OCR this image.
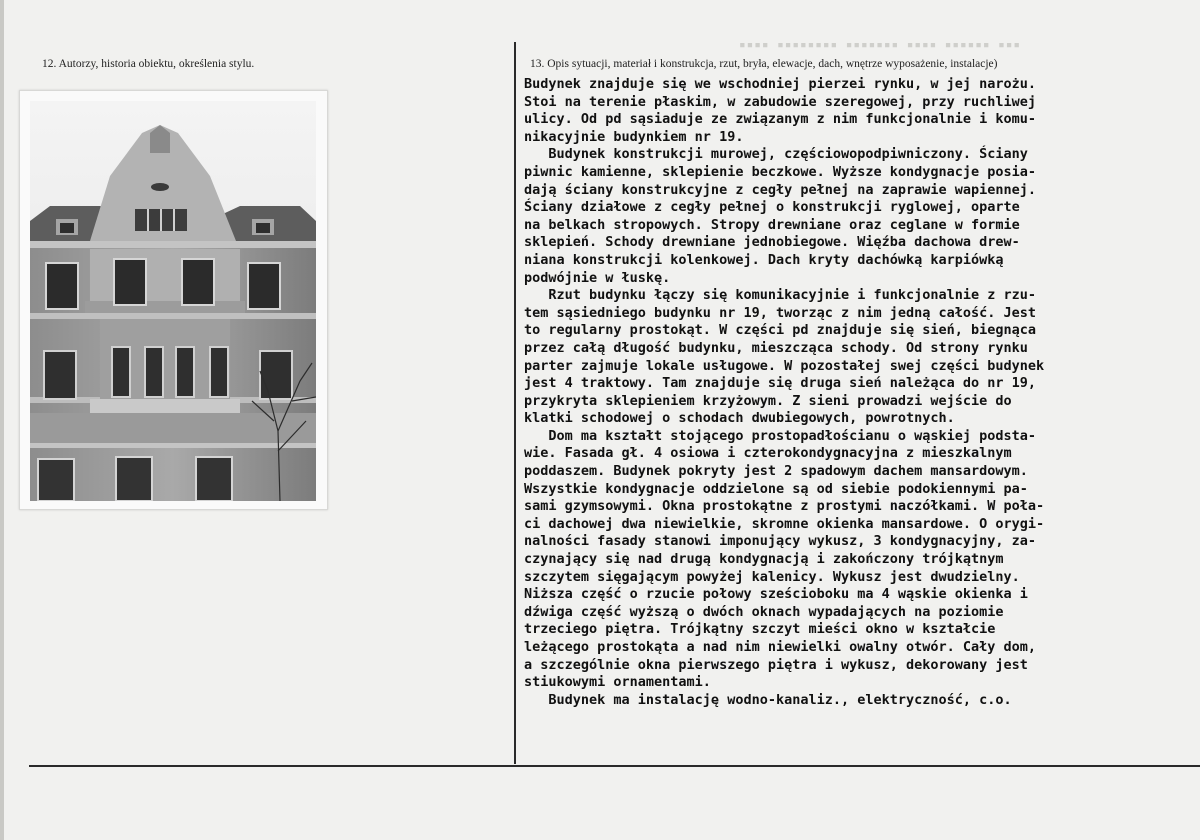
▪▪▪▪ ▪▪▪▪▪▪▪▪ ▪▪▪▪▪▪▪ ▪▪▪▪ ▪▪▪▪▪▪ ▪▪▪
12. Autorzy, historia obiektu, określenia stylu.	13. Opis sytuacji, materiał i konstrukcja, rzut, bryła, elewacje, dach, wnętrze wyposażenie, instalacje)

Budynek znajduje się we wschodniej pierzei rynku, w jej narożu.

Stoi na terenie płaskim, w zabudowie szeregowej, przy ruchliwej

ulicy. Od pd sąsiaduje ze związanym z nim funkcjonalnie i komu-

nikacyjnie budynkiem nr 19.

Budynek konstrukcji murowej, częściowopodpiwniczony. Ściany

piwnic kamienne, sklepienie beczkowe. Wyższe kondygnacje posia-

dają ściany konstrukcyjne z cegły pełnej na zaprawie wapiennej.

Ściany działowe z cegły pełnej o konstrukcji ryglowej, oparte

na belkach stropowych. Stropy drewniane oraz ceglane w formie

sklepień. Schody drewniane jednobiegowe. Więźba dachowa drew-

niana konstrukcji kolenkowej. Dach kryty dachówką karpiówką

podwójnie w łuskę.

Rzut budynku łączy się komunikacyjnie i funkcjonalnie z rzu-

tem sąsiedniego budynku nr 19, tworząc z nim jedną całość. Jest

to regularny prostokąt. W części pd znajduje się sień, biegnąca

przez całą długość budynku, mieszcząca schody. Od strony rynku

parter zajmuje lokale usługowe. W pozostałej swej części budynek

jest 4 traktowy. Tam znajduje się druga sień należąca do nr 19,

przykryta sklepieniem krzyżowym. Z sieni prowadzi wejście do

klatki schodowej o schodach dwubiegowych, powrotnych.

Dom ma kształt stojącego prostopadłościanu o wąskiej podsta-

wie. Fasada gł. 4 osiowa i czterokondygnacyjna z mieszkalnym

poddaszem. Budynek pokryty jest 2 spadowym dachem mansardowym.

Wszystkie kondygnacje oddzielone są od siebie podokiennymi pa-

sami gzymsowymi. Okna prostokątne z prostymi naczółkami. W poła-

ci dachowej dwa niewielkie, skromne okienka mansardowe. O orygi-

nalności fasady stanowi imponujący wykusz, 3 kondygnacyjny, za-

czynający się nad drugą kondygnacją i zakończony trójkątnym

szczytem sięgającym powyżej kalenicy. Wykusz jest dwudzielny.

Niższa część o rzucie połowy sześcioboku ma 4 wąskie okienka i

dźwiga część wyższą o dwóch oknach wypadających na poziomie

trzeciego piętra. Trójkątny szczyt mieści okno w kształcie

leżącego prostokąta a nad nim niewielki owalny otwór. Cały dom,

a szczególnie okna pierwszego piętra i wykusz, dekorowany jest

stiukowymi ornamentami.

Budynek ma instalację wodno-kanaliz., elektryczność, c.o.
